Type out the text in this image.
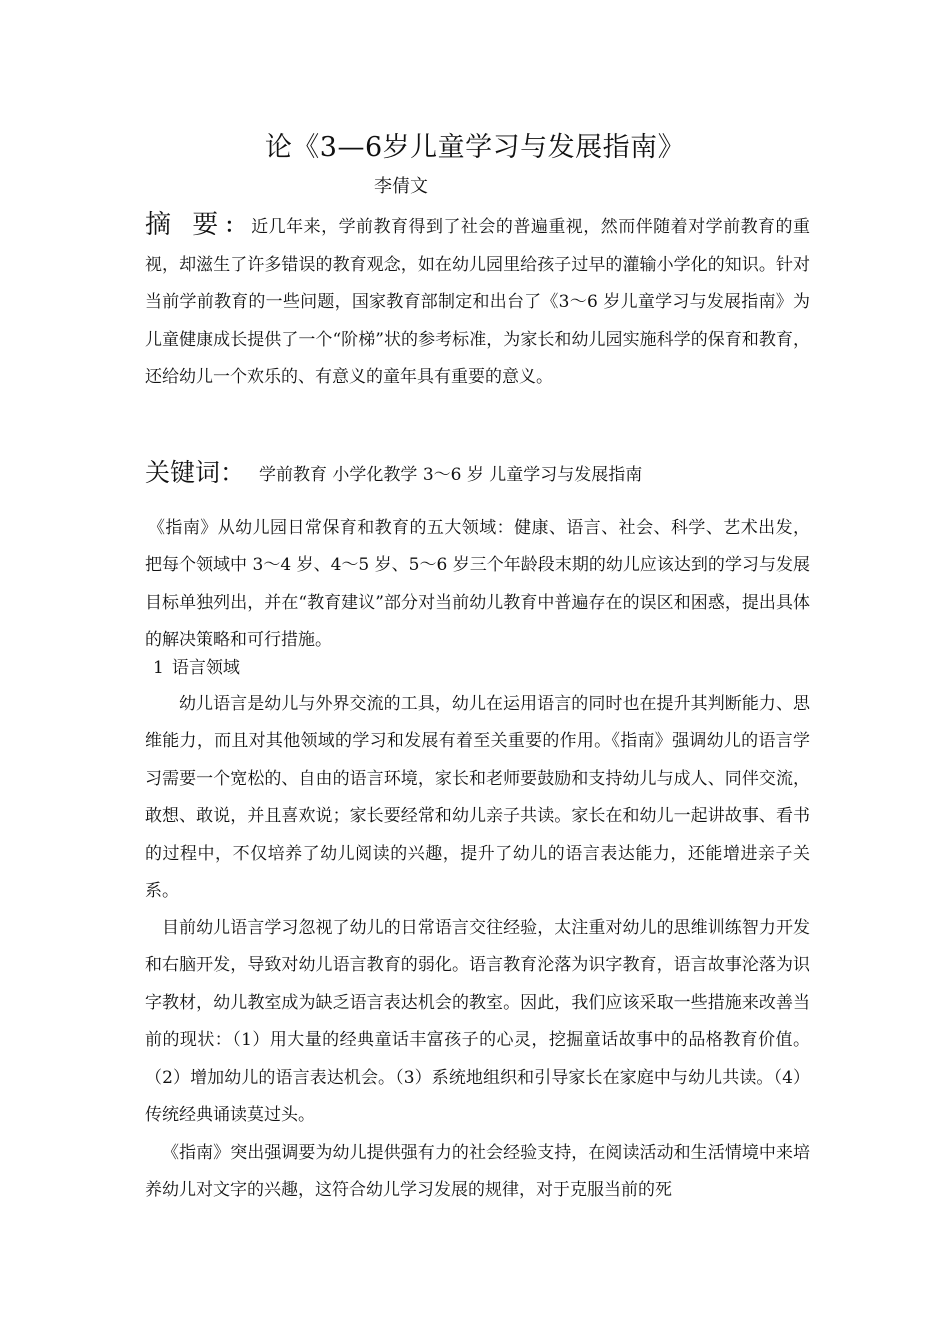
论《3—6岁儿童学习与发展指南》
李倩文

摘 要： 近几年来，学前教育得到了社会的普遍重视，然而伴随着对学前教育的重视，却滋生了许多错误的教育观念，如在幼儿园里给孩子过早的灌输小学化的知识。针对当前学前教育的一些问题，国家教育部制定和出台了《3～6 岁儿童学习与发展指南》为儿童健康成长提供了一个“阶梯”状的参考标准，为家长和幼儿园实施科学的保育和教育，还给幼儿一个欢乐的、有意义的童年具有重要的意义。

关键词： 学前教育 小学化教学 3～6 岁 儿童学习与发展指南

《指南》从幼儿园日常保育和教育的五大领域：健康、语言、社会、科学、艺术出发，把每个领域中 3～4 岁、4～5 岁、5～6 岁三个年龄段末期的幼儿应该达到的学习与发展目标单独列出，并在“教育建议”部分对当前幼儿教育中普遍存在的误区和困惑，提出具体的解决策略和可行措施。

1 语言领域

幼儿语言是幼儿与外界交流的工具，幼儿在运用语言的同时也在提升其判断能力、思维能力，而且对其他领域的学习和发展有着至关重要的作用。《指南》强调幼儿的语言学习需要一个宽松的、自由的语言环境，家长和老师要鼓励和支持幼儿与成人、同伴交流，敢想、敢说，并且喜欢说；家长要经常和幼儿亲子共读。家长在和幼儿一起讲故事、看书的过程中，不仅培养了幼儿阅读的兴趣，提升了幼儿的语言表达能力，还能增进亲子关系。

目前幼儿语言学习忽视了幼儿的日常语言交往经验，太注重对幼儿的思维训练智力开发和右脑开发，导致对幼儿语言教育的弱化。语言教育沦落为识字教育，语言故事沦落为识字教材，幼儿教室成为缺乏语言表达机会的教室。因此，我们应该采取一些措施来改善当前的现状：（1）用大量的经典童话丰富孩子的心灵，挖掘童话故事中的品格教育价值。（2）增加幼儿的语言表达机会。（3）系统地组织和引导家长在家庭中与幼儿共读。（4）传统经典诵读莫过头。

《指南》突出强调要为幼儿提供强有力的社会经验支持，在阅读活动和生活情境中来培养幼儿对文字的兴趣，这符合幼儿学习发展的规律，对于克服当前的死
